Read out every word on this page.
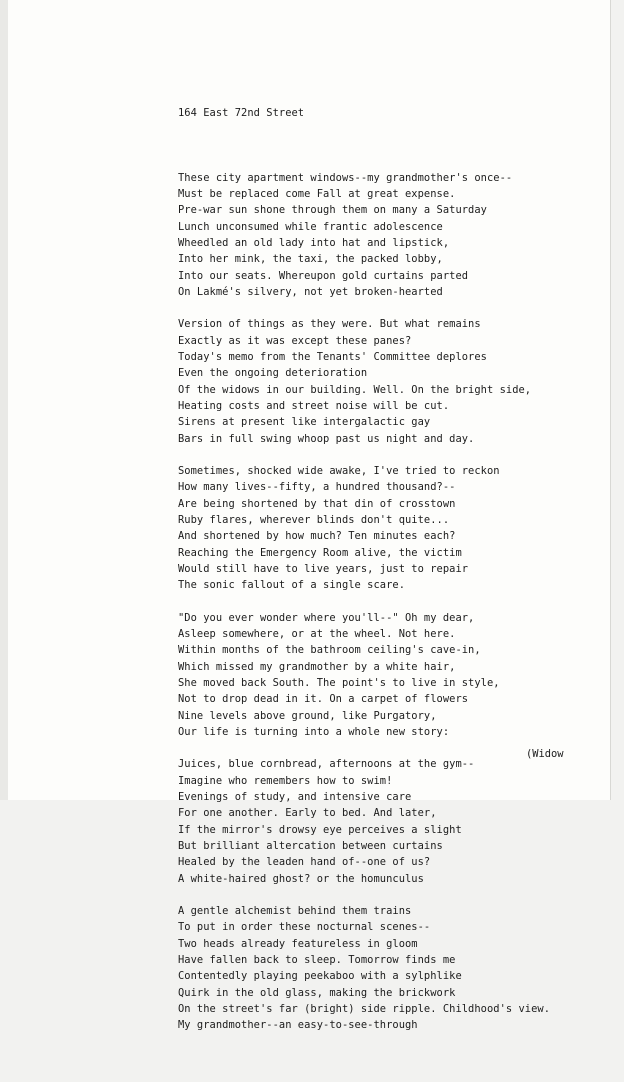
164 East 72nd Street

These city apartment windows--my grandmother's once--
Must be replaced come Fall at great expense.
Pre-war sun shone through them on many a Saturday
Lunch unconsumed while frantic adolescence
Wheedled an old lady into hat and lipstick,
Into her mink, the taxi, the packed lobby,
Into our seats. Whereupon gold curtains parted
On Lakmé's silvery, not yet broken-hearted
Version of things as they were. But what remains
Exactly as it was except these panes?
Today's memo from the Tenants' Committee deplores
Even the ongoing deterioration
Of the widows in our building. Well. On the bright side,
Heating costs and street noise will be cut.
Sirens at present like intergalactic gay
Bars in full swing whoop past us night and day.
Sometimes, shocked wide awake, I've tried to reckon
How many lives--fifty, a hundred thousand?--
Are being shortened by that din of crosstown
Ruby flares, wherever blinds don't quite...
And shortened by how much? Ten minutes each?
Reaching the Emergency Room alive, the victim
Would still have to live years, just to repair
The sonic fallout of a single scare.
"Do you ever wonder where you'll--" Oh my dear,
Asleep somewhere, or at the wheel. Not here.
Within months of the bathroom ceiling's cave-in,
Which missed my grandmother by a white hair,
She moved back South. The point's to live in style,
Not to drop dead in it. On a carpet of flowers
Nine levels above ground, like Purgatory,
Our life is turning into a whole new story:
Juices, blue cornbread, afternoons at the gym--
Imagine who remembers how to swim!
Evenings of study, and intensive care
For one another. Early to bed. And later,
If the mirror's drowsy eye perceives a slight
But brilliant altercation between curtains
Healed by the leaden hand of--one of us?
A white-haired ghost? or the homunculus
A gentle alchemist behind them trains
To put in order these nocturnal scenes--
Two heads already featureless in gloom
Have fallen back to sleep. Tomorrow finds me
Contentedly playing peekaboo with a sylphlike
Quirk in the old glass, making the brickwork
On the street's far (bright) side ripple. Childhood's view.
My grandmother--an easy-to-see-through

(Widow
